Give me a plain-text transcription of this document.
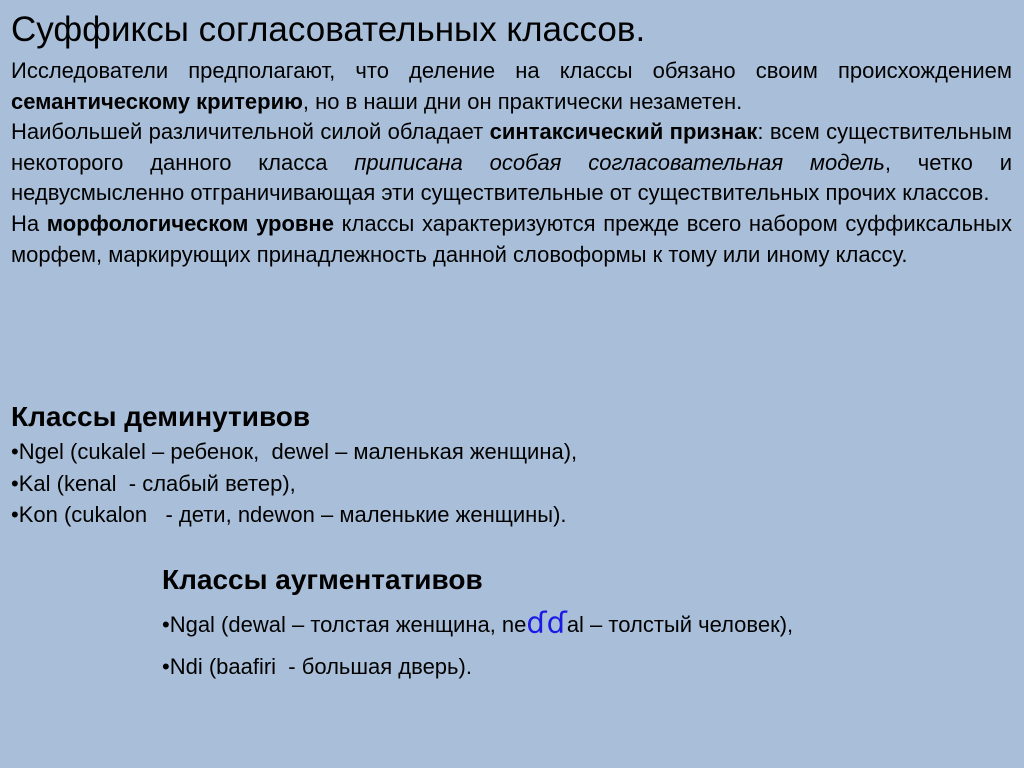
Суффиксы согласовательных классов.

Исследователи предполагают, что деление на классы обязано своим происхождением семантическому критерию, но в наши дни он практически незаметен.

Наибольшей различительной силой обладает синтаксический признак: всем существительным некоторого данного класса приписана особая согласовательная модель, четко и недвусмысленно отграничивающая эти существительные от существительных прочих классов.

На морфологическом уровне классы характеризуются прежде всего набором суффиксальных морфем, маркирующих принадлежность данной словоформы к тому или иному классу.

Классы деминутивов
•Ngel (cukalel – ребенок,  dewel – маленькая женщина),
•Kal (kenal  - слабый ветер),
•Kon (cukalon   - дети, ndewon – маленькие женщины).
Классы аугментативов
•Ngal (dewal – толстая женщина, neɗɗal – толстый человек),
•Ndi (baafiri  - большая дверь).
